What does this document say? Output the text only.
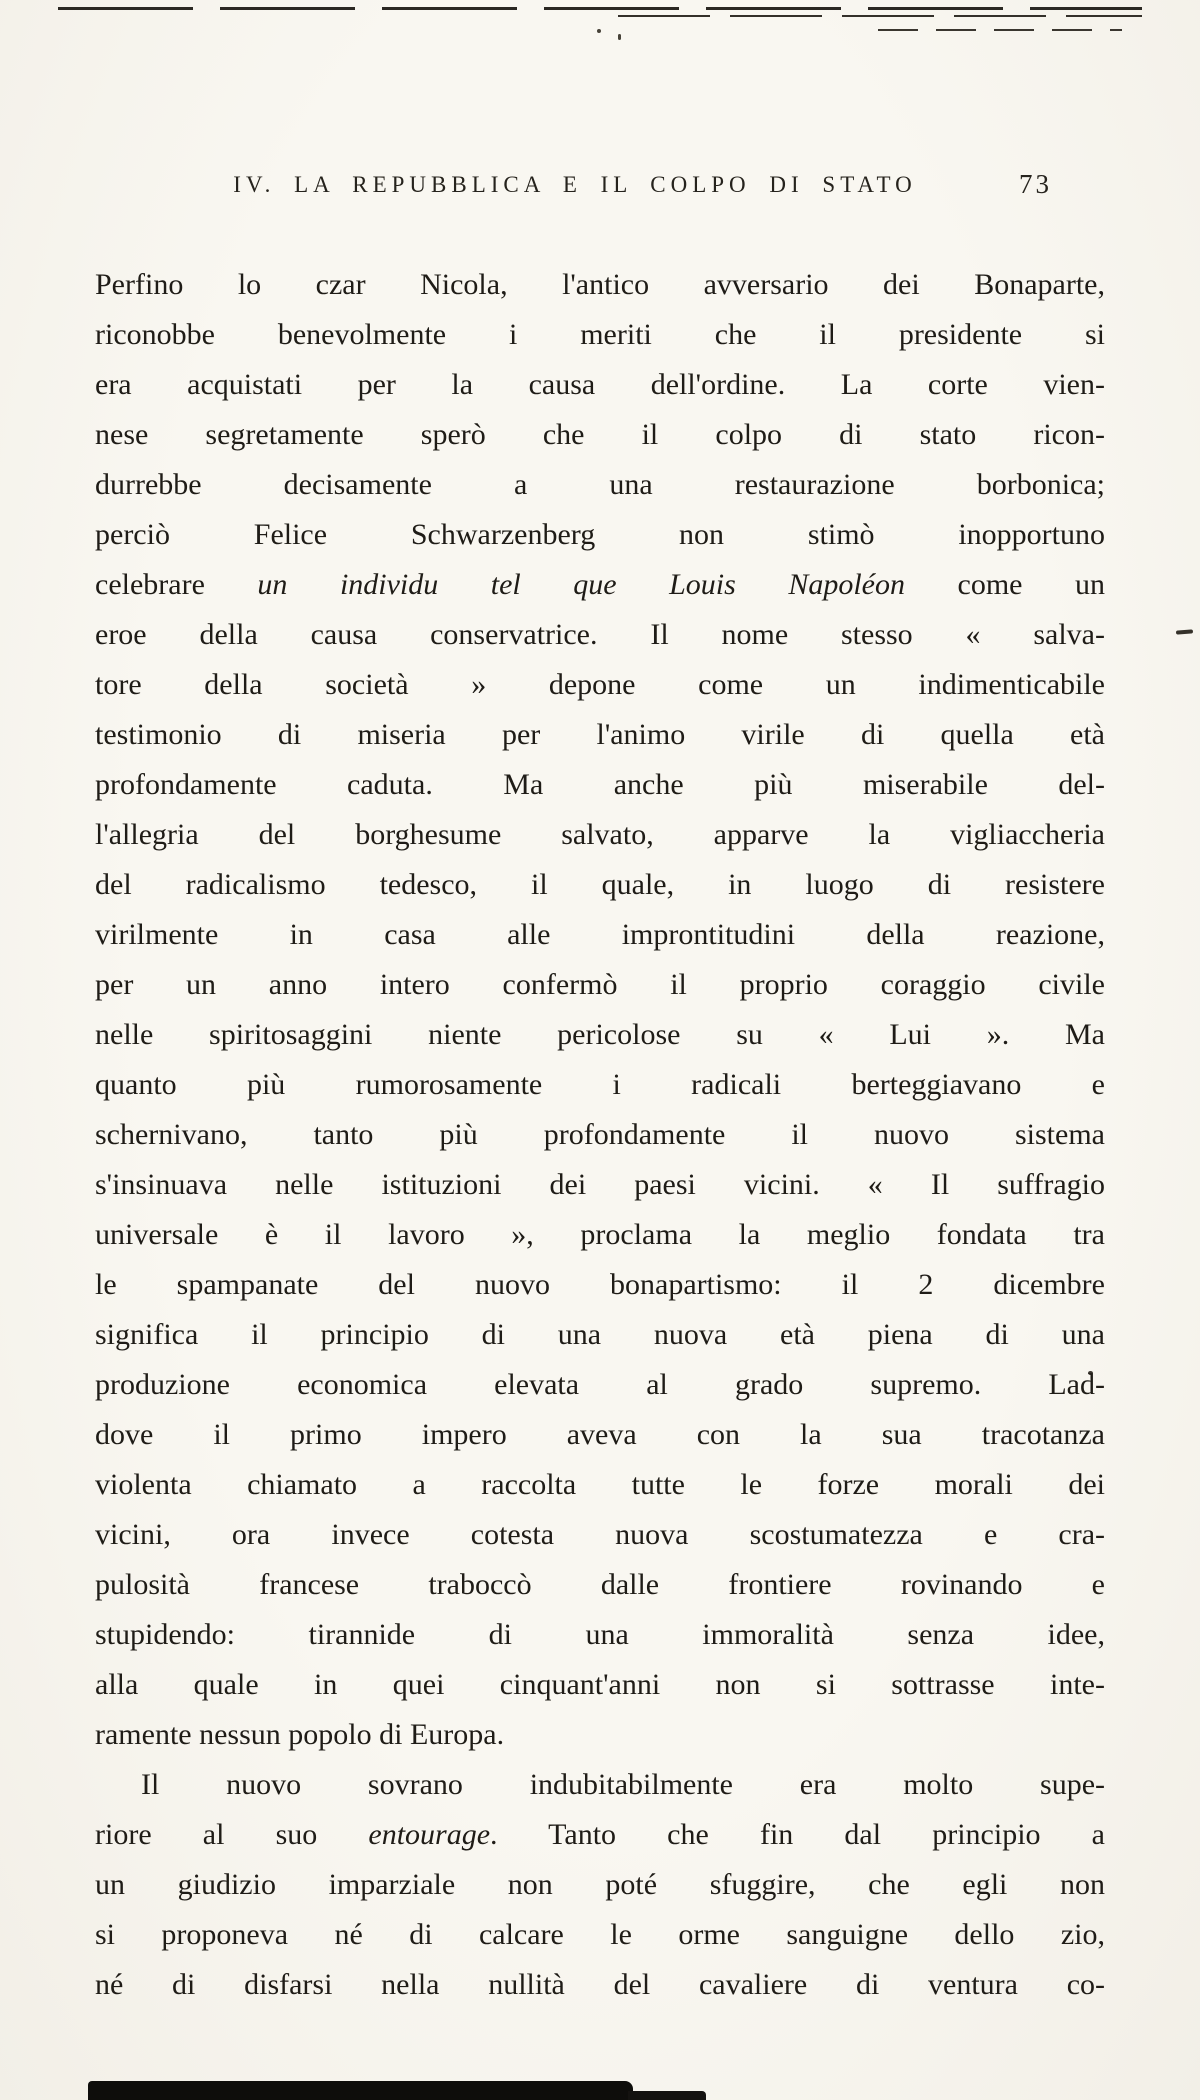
IV. LA REPUBBLICA E IL COLPO DI STATO	73
Perfino lo czar Nicola, l'antico avversario dei Bonaparte,
riconobbe benevolmente i meriti che il presidente si
era acquistati per la causa dell'ordine. La corte vien-
nese segretamente sperò che il colpo di stato ricon-
durrebbe decisamente a una restaurazione borbonica;
perciò Felice Schwarzenberg non stimò inopportuno
celebrare un individu tel que Louis Napoléon come un
eroe della causa conservatrice. Il nome stesso « salva-
tore della società » depone come un indimenticabile
testimonio di miseria per l'animo virile di quella età
profondamente caduta. Ma anche più miserabile del-
l'allegria del borghesume salvato, apparve la vigliaccheria
del radicalismo tedesco, il quale, in luogo di resistere
virilmente in casa alle improntitudini della reazione,
per un anno intero confermò il proprio coraggio civile
nelle spiritosaggini niente pericolose su « Lui ». Ma
quanto più rumorosamente i radicali berteggiavano e
schernivano, tanto più profondamente il nuovo sistema
s'insinuava nelle istituzioni dei paesi vicini. « Il suffragio
universale è il lavoro », proclama la meglio fondata tra
le spampanate del nuovo bonapartismo: il 2 dicembre
significa il principio di una nuova età piena di una
produzione economica elevata al grado supremo. Lad-
dove il primo impero aveva con la sua tracotanza
violenta chiamato a raccolta tutte le forze morali dei
vicini, ora invece cotesta nuova scostumatezza e cra-
pulosità francese traboccò dalle frontiere rovinando e
stupidendo: tirannide di una immoralità senza idee,
alla quale in quei cinquant'anni non si sottrasse inte-
ramente nessun popolo di Europa.
Il nuovo sovrano indubitabilmente era molto supe-
riore al suo entourage. Tanto che fin dal principio a
un giudizio imparziale non poté sfuggire, che egli non
si proponeva né di calcare le orme sanguigne dello zio,
né di disfarsi nella nullità del cavaliere di ventura co-
